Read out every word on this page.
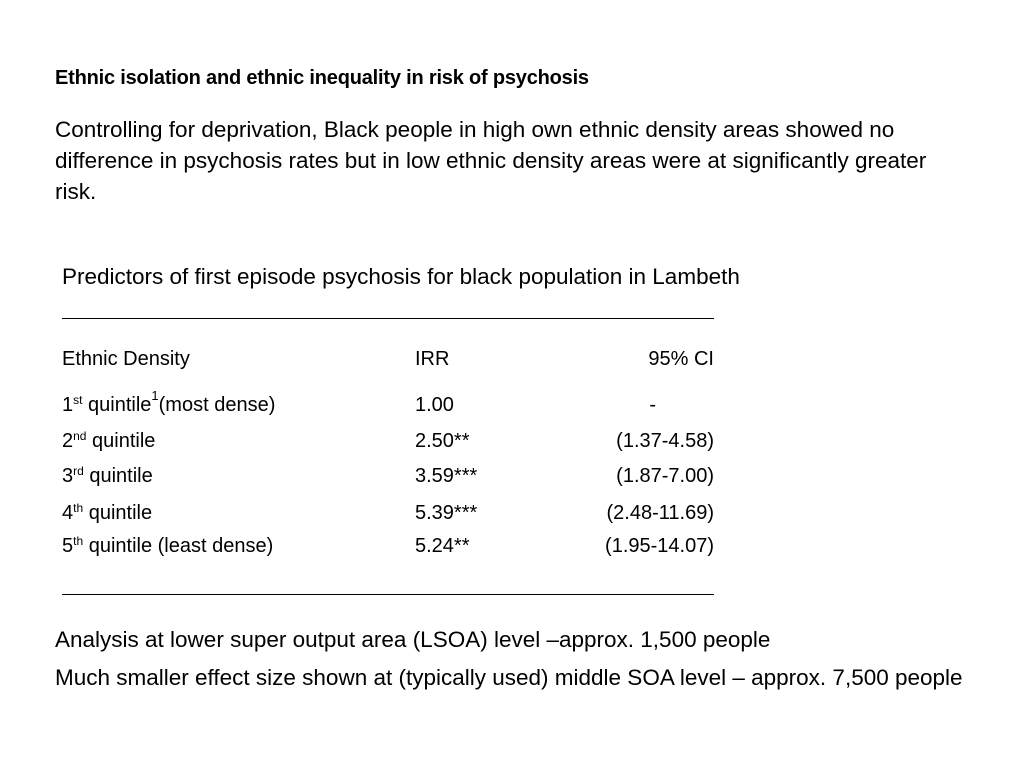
Ethnic isolation and ethnic inequality in risk of psychosis

Controlling for deprivation, Black people in high own ethnic density areas showed no difference in psychosis rates but in low ethnic density areas were at significantly greater risk.

Predictors of first episode psychosis for black population in Lambeth
Ethnic Density	IRR	95% CI
1st quintile$^1$(most dense)	1.00	-
2nd quintile	2.50**	(1.37-4.58)
3rd quintile	3.59***	(1.87-7.00)
4th quintile	5.39***	(2.48-11.69)
5th quintile (least dense)	5.24**	(1.95-14.07)

Analysis at lower super output area (LSOA) level –approx. 1,500 people

Much smaller effect size shown at (typically used) middle SOA level – approx. 7,500 people
